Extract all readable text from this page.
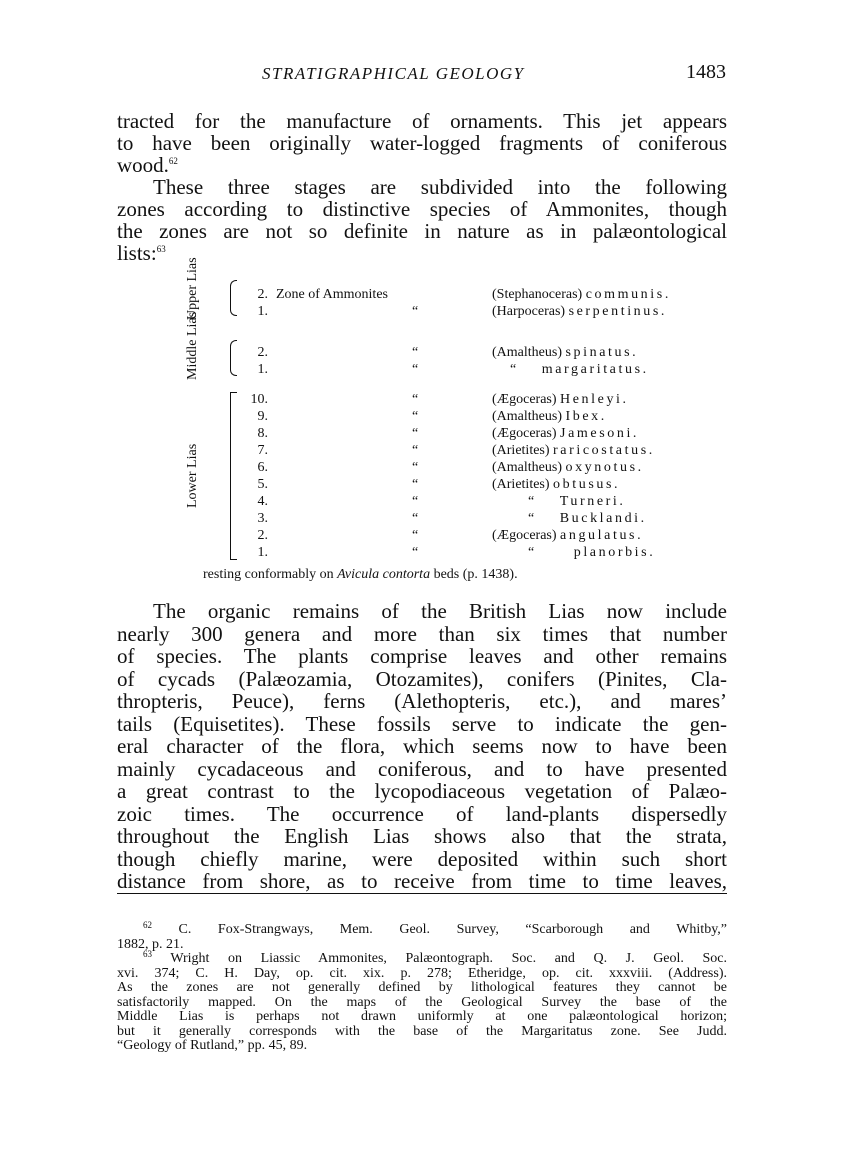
STRATIGRAPHICAL GEOLOGY	1483
tracted for the manufacture of ornaments. This jet appears
to have been originally water-logged fragments of coniferous
wood.$^{62}$
These three stages are subdivided into the following
zones according to distinctive species of Ammonites, though
the zones are not so definite in nature as in palæontological
lists:$^{63}$
Upper Lias
Middle Lias
Lower Lias
2. Zone of Ammonites	(Stephanoceras) communis.
1.	“	(Harpoceras) serpentinus.
2.	“	(Amaltheus) spinatus.
1.	“	“ margaritatus.
10.	“	(Ægoceras) Henleyi.
9.	“	(Amaltheus) Ibex.
8.	“	(Ægoceras) Jamesoni.
7.	“	(Arietites) raricostatus.
6.	“	(Amaltheus) oxynotus.
5.	“	(Arietites) obtusus.
4.	“	“ Turneri.
3.	“	“ Bucklandi.
2.	“	(Ægoceras) angulatus.
1.	“	“	planorbis.
resting conformably on Avicula contorta beds (p. 1438).
The organic remains of the British Lias now include
nearly 300 genera and more than six times that number
of species. The plants comprise leaves and other remains
of cycads (Palæozamia, Otozamites), conifers (Pinites, Cla-
thropteris, Peuce), ferns (Alethopteris, etc.), and mares’
tails (Equisetites). These fossils serve to indicate the gen-
eral character of the flora, which seems now to have been
mainly cycadaceous and coniferous, and to have presented
a great contrast to the lycopodiaceous vegetation of Palæo-
zoic times. The occurrence of land-plants dispersedly
throughout the English Lias shows also that the strata,
though chiefly marine, were deposited within such short
distance from shore, as to receive from time to time leaves,
$^{62}$ C. Fox-Strangways, Mem. Geol. Survey, “Scarborough and Whitby,”
1882, p. 21.
$^{63}$ Wright on Liassic Ammonites, Palæontograph. Soc. and Q. J. Geol. Soc.
xvi. 374; C. H. Day, op. cit. xix. p. 278; Etheridge, op. cit. xxxviii. (Address).
As the zones are not generally defined by lithological features they cannot be
satisfactorily mapped. On the maps of the Geological Survey the base of the
Middle Lias is perhaps not drawn uniformly at one palæontological horizon;
but it generally corresponds with the base of the Margaritatus zone. See Judd.
“Geology of Rutland,” pp. 45, 89.
